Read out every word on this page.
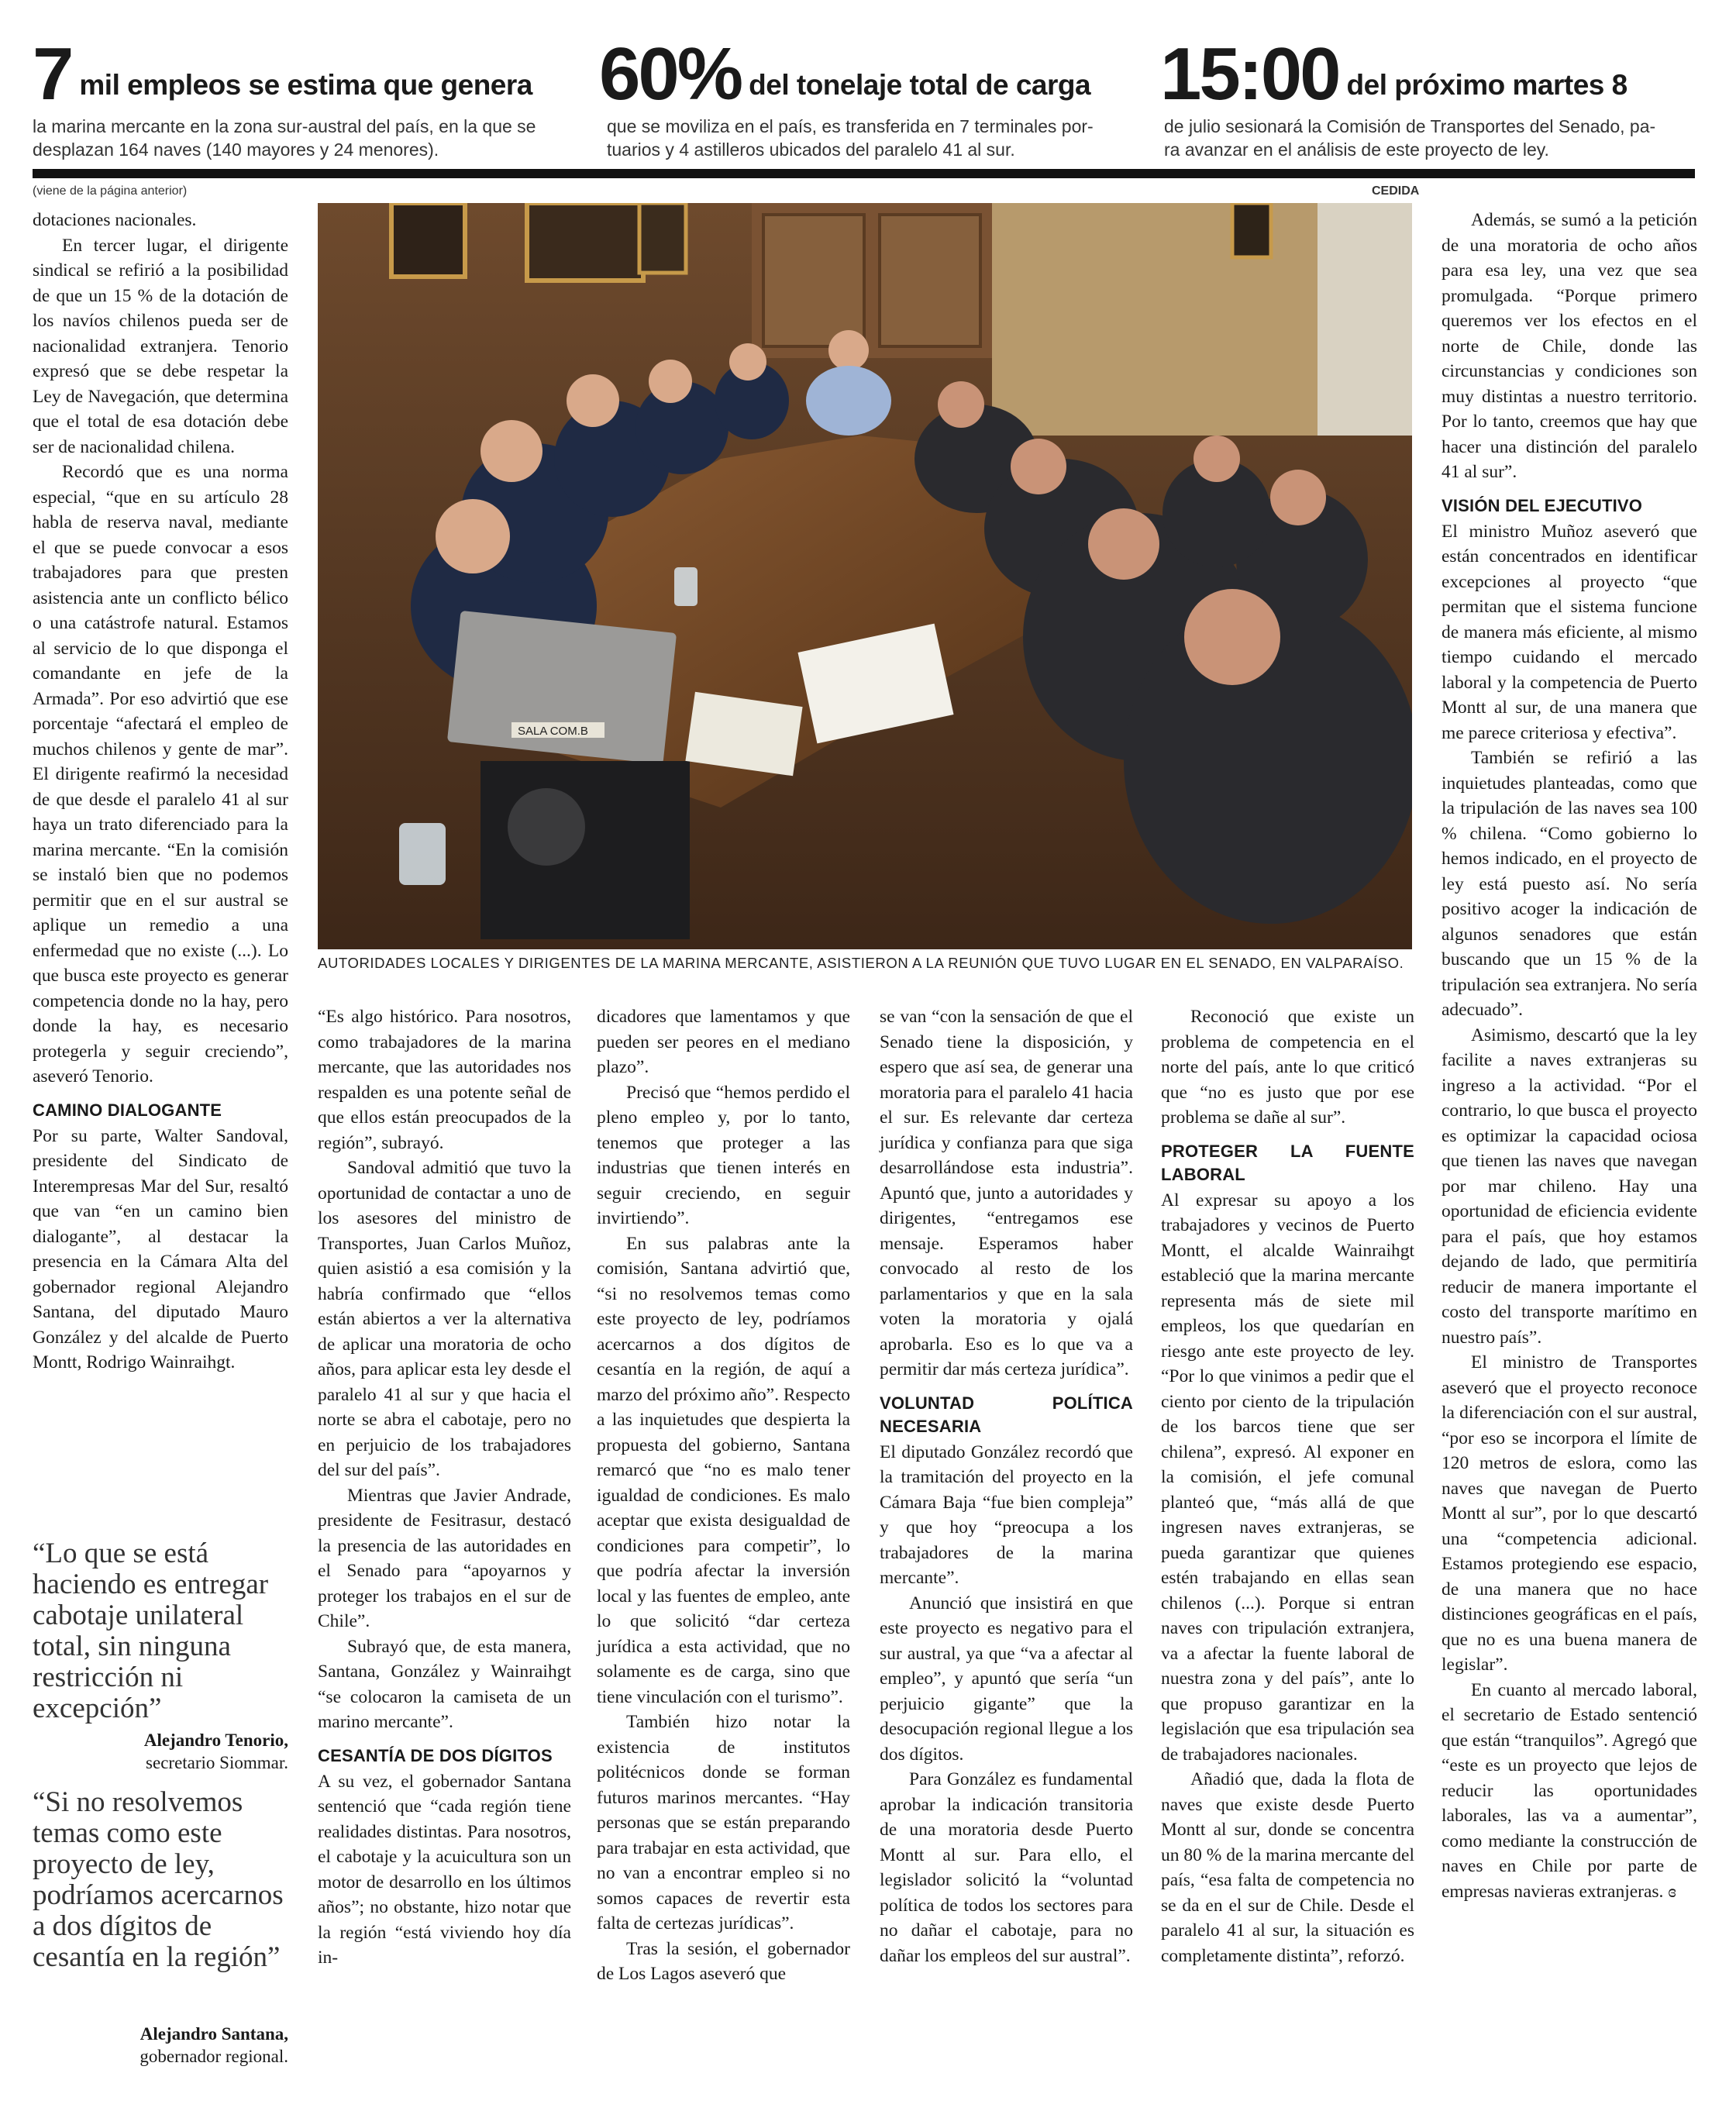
7 mil empleos se estima que genera
la marina mercante en la zona sur-austral del país, en la que se
desplazan 164 naves (140 mayores y 24 menores).
60% del tonelaje total de carga
que se moviliza en el país, es transferida en 7 terminales por-
tuarios y 4 astilleros ubicados del paralelo 41 al sur.
15:00 del próximo martes 8
de julio sesionará la Comisión de Transportes del Senado, pa-
ra avanzar en el análisis de este proyecto de ley.
(viene de la página anterior)	CEDIDA
SALA COM.B
AUTORIDADES LOCALES Y DIRIGENTES DE LA MARINA MERCANTE, ASISTIERON A LA REUNIÓN QUE TUVO LUGAR EN EL SENADO, EN VALPARAÍSO.

dotaciones nacionales.

En tercer lugar, el dirigente sindical se refirió a la posibilidad de que un 15 % de la dotación de los navíos chilenos pueda ser de nacionalidad extranjera. Tenorio expresó que se debe respetar la Ley de Navegación, que determina que el total de esa dotación debe ser de nacionalidad chilena.

Recordó que es una norma especial, “que en su artículo 28 habla de reserva naval, mediante el que se puede convocar a esos trabajadores para que presten asistencia ante un conflicto bélico o una catástrofe natural. Estamos al servicio de lo que disponga el comandante en jefe de la Armada”. Por eso advirtió que ese porcentaje “afectará el empleo de muchos chilenos y gente de mar”. El dirigente reafirmó la necesidad de que desde el paralelo 41 al sur haya un trato diferenciado para la marina mercante. “En la comisión se instaló bien que no podemos permitir que en el sur austral se aplique un remedio a una enfermedad que no existe (...). Lo que busca este proyecto es generar competencia donde no la hay, pero donde la hay, es necesario protegerla y seguir creciendo”, aseveró Tenorio.

CAMINO DIALOGANTE

Por su parte, Walter Sandoval, presidente del Sindicato de Interempresas Mar del Sur, resaltó que van “en un camino bien dialogante”, al destacar la presencia en la Cámara Alta del gobernador regional Alejandro Santana, del diputado Mauro González y del alcalde de Puerto Montt, Rodrigo Wainraihgt.

“Lo que se está haciendo es entregar cabotaje unilateral total, sin ninguna restricción ni excepción”
Alejandro Tenorio,
secretario Siommar.
“Si no resolvemos temas como este proyecto de ley, podríamos acercarnos a dos dígitos de cesantía en la región”
Alejandro Santana,
gobernador regional.

“Es algo histórico. Para nosotros, como trabajadores de la marina mercante, que las autoridades nos respalden es una potente señal de que ellos están preocupados de la región”, subrayó.

Sandoval admitió que tuvo la oportunidad de contactar a uno de los asesores del ministro de Transportes, Juan Carlos Muñoz, quien asistió a esa comisión y la habría confirmado que “ellos están abiertos a ver la alternativa de aplicar una moratoria de ocho años, para aplicar esta ley desde el paralelo 41 al sur y que hacia el norte se abra el cabotaje, pero no en perjuicio de los trabajadores del sur del país”.

Mientras que Javier Andrade, presidente de Fesitrasur, destacó la presencia de las autoridades en el Senado para “apoyarnos y proteger los trabajos en el sur de Chile”.

Subrayó que, de esta manera, Santana, González y Wainraihgt “se colocaron la camiseta de un marino mercante”.

CESANTÍA DE DOS DÍGITOS

A su vez, el gobernador Santana sentenció que “cada región tiene realidades distintas. Para nosotros, el cabotaje y la acuicultura son un motor de desarrollo en los últimos años”; no obstante, hizo notar que la región “está viviendo hoy día in-

dicadores que lamentamos y que pueden ser peores en el mediano plazo”.

Precisó que “hemos perdido el pleno empleo y, por lo tanto, tenemos que proteger a las industrias que tienen interés en seguir creciendo, en seguir invirtiendo”.

En sus palabras ante la comisión, Santana advirtió que, “si no resolvemos temas como este proyecto de ley, podríamos acercarnos a dos dígitos de cesantía en la región, de aquí a marzo del próximo año”. Respecto a las inquietudes que despierta la propuesta del gobierno, Santana remarcó que “no es malo tener igualdad de condiciones. Es malo aceptar que exista desigualdad de condiciones para competir”, lo que podría afectar la inversión local y las fuentes de empleo, ante lo que solicitó “dar certeza jurídica a esta actividad, que no solamente es de carga, sino que tiene vinculación con el turismo”.

También hizo notar la existencia de institutos politécnicos donde se forman futuros marinos mercantes. “Hay personas que se están preparando para trabajar en esta actividad, que no van a encontrar empleo si no somos capaces de revertir esta falta de certezas jurídicas”.

Tras la sesión, el gobernador de Los Lagos aseveró que

se van “con la sensación de que el Senado tiene la disposición, y espero que así sea, de generar una moratoria para el paralelo 41 hacia el sur. Es relevante dar certeza jurídica y confianza para que siga desarrollándose esta industria”. Apuntó que, junto a autoridades y dirigentes, “entregamos ese mensaje. Esperamos haber convocado al resto de los parlamentarios y que en la sala voten la moratoria y ojalá aprobarla. Eso es lo que va a permitir dar más certeza jurídica”.

VOLUNTAD POLÍTICA NECESARIA

El diputado González recordó que la tramitación del proyecto en la Cámara Baja “fue bien compleja” y que hoy “preocupa a los trabajadores de la marina mercante”.

Anunció que insistirá en que este proyecto es negativo para el sur austral, ya que “va a afectar al empleo”, y apuntó que sería “un perjuicio gigante” que la desocupación regional llegue a los dos dígitos.

Para González es fundamental aprobar la indicación transitoria de una moratoria desde Puerto Montt al sur. Para ello, el legislador solicitó la “voluntad política de todos los sectores para no dañar el cabotaje, para no dañar los empleos del sur austral”.

Reconoció que existe un problema de competencia en el norte del país, ante lo que criticó que “no es justo que por ese problema se dañe al sur”.

PROTEGER LA FUENTE LABORAL

Al expresar su apoyo a los trabajadores y vecinos de Puerto Montt, el alcalde Wainraihgt estableció que la marina mercante representa más de siete mil empleos, los que quedarían en riesgo ante este proyecto de ley. “Por lo que vinimos a pedir que el ciento por ciento de la tripulación de los barcos tiene que ser chilena”, expresó. Al exponer en la comisión, el jefe comunal planteó que, “más allá de que ingresen naves extranjeras, se pueda garantizar que quienes estén trabajando en ellas sean chilenos (...). Porque si entran naves con tripulación extranjera, va a afectar la fuente laboral de nuestra zona y del país”, ante lo que propuso garantizar en la legislación que esa tripulación sea de trabajadores nacionales.

Añadió que, dada la flota de naves que existe desde Puerto Montt al sur, donde se concentra un 80 % de la marina mercante del país, “esa falta de competencia no se da en el sur de Chile. Desde el paralelo 41 al sur, la situación es completamente distinta”, reforzó.

Además, se sumó a la petición de una moratoria de ocho años para esa ley, una vez que sea promulgada. “Porque primero queremos ver los efectos en el norte de Chile, donde las circunstancias y condiciones son muy distintas a nuestro territorio. Por lo tanto, creemos que hay que hacer una distinción del paralelo 41 al sur”.

VISIÓN DEL EJECUTIVO

El ministro Muñoz aseveró que están concentrados en identificar excepciones al proyecto “que permitan que el sistema funcione de manera más eficiente, al mismo tiempo cuidando el mercado laboral y la competencia de Puerto Montt al sur, de una manera que me parece criteriosa y efectiva”.

También se refirió a las inquietudes planteadas, como que la tripulación de las naves sea 100 % chilena. “Como gobierno lo hemos indicado, en el proyecto de ley está puesto así. No sería positivo acoger la indicación de algunos senadores que están buscando que un 15 % de la tripulación sea extranjera. No sería adecuado”.

Asimismo, descartó que la ley facilite a naves extranjeras su ingreso a la actividad. “Por el contrario, lo que busca el proyecto es optimizar la capacidad ociosa que tienen las naves que navegan por mar chileno. Hay una oportunidad de eficiencia evidente para el país, que hoy estamos dejando de lado, que permitiría reducir de manera importante el costo del transporte marítimo en nuestro país”.

El ministro de Transportes aseveró que el proyecto reconoce la diferenciación con el sur austral, “por eso se incorpora el límite de 120 metros de eslora, como las naves que navegan de Puerto Montt al sur”, por lo que descartó una “competencia adicional. Estamos protegiendo ese espacio, de una manera que no hace distinciones geográficas en el país, que no es una buena manera de legislar”.

En cuanto al mercado laboral, el secretario de Estado sentenció que están “tranquilos”. Agregó que “este es un proyecto que lejos de reducir las oportunidades laborales, las va a aumentar”, como mediante la construcción de naves en Chile por parte de empresas navieras extranjeras. ɞ
